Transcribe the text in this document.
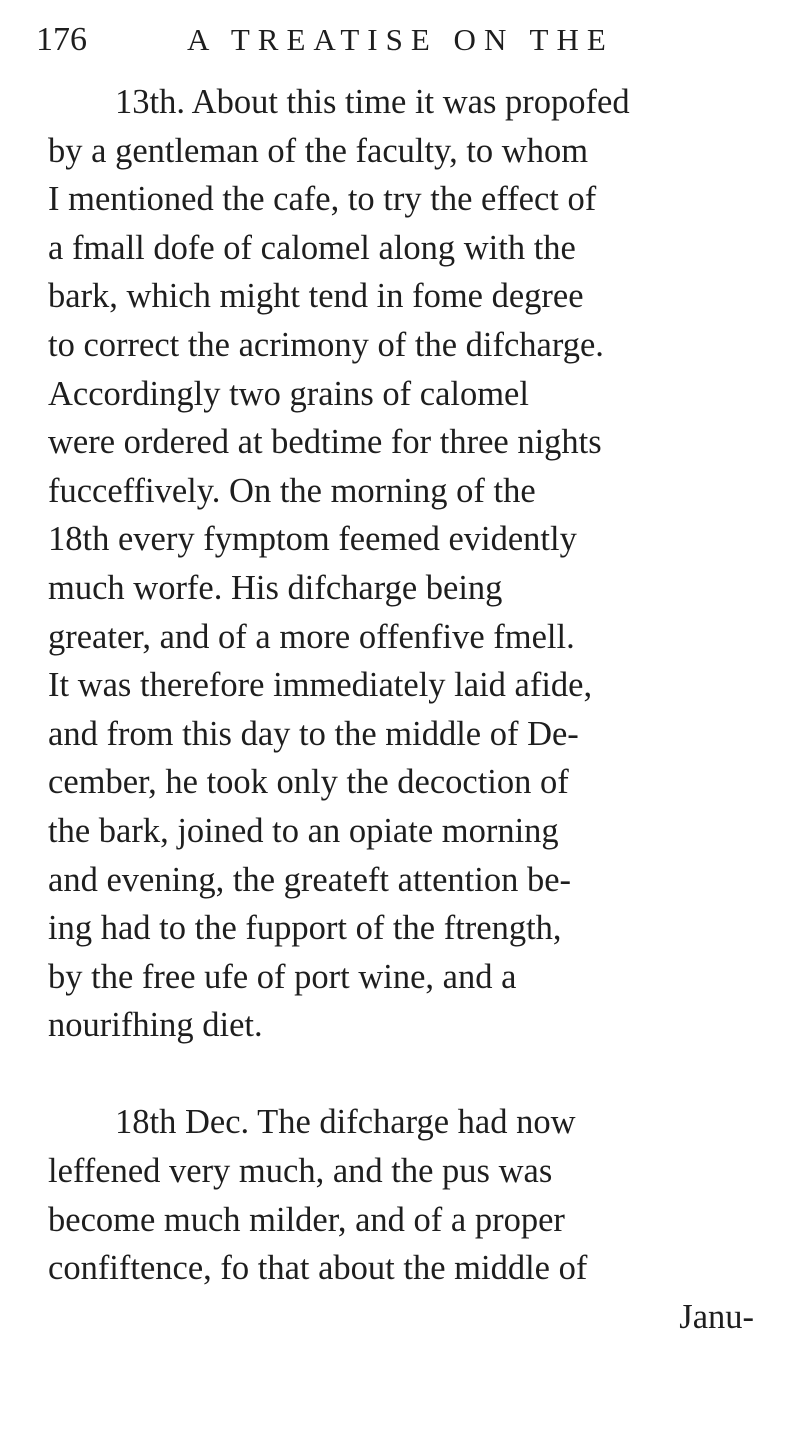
176	A TREATISE ON THE
13th. About this time it was propofed
by a gentleman of the faculty, to whom
I mentioned the cafe, to try the effect of
a fmall dofe of calomel along with the
bark, which might tend in fome degree
to correct the acrimony of the difcharge.
Accordingly two grains of calomel
were ordered at bedtime for three nights
fucceffively. On the morning of the
18th every fymptom feemed evidently
much worfe. His difcharge being
greater, and of a more offenfive fmell.
It was therefore immediately laid afide,
and from this day to the middle of De-
cember, he took only the decoction of
the bark, joined to an opiate morning
and evening, the greateft attention be-
ing had to the fupport of the ftrength,
by the free ufe of port wine, and a
nourifhing diet.
18th Dec. The difcharge had now
leffened very much, and the pus was
become much milder, and of a proper
confiftence, fo that about the middle of
Janu-
